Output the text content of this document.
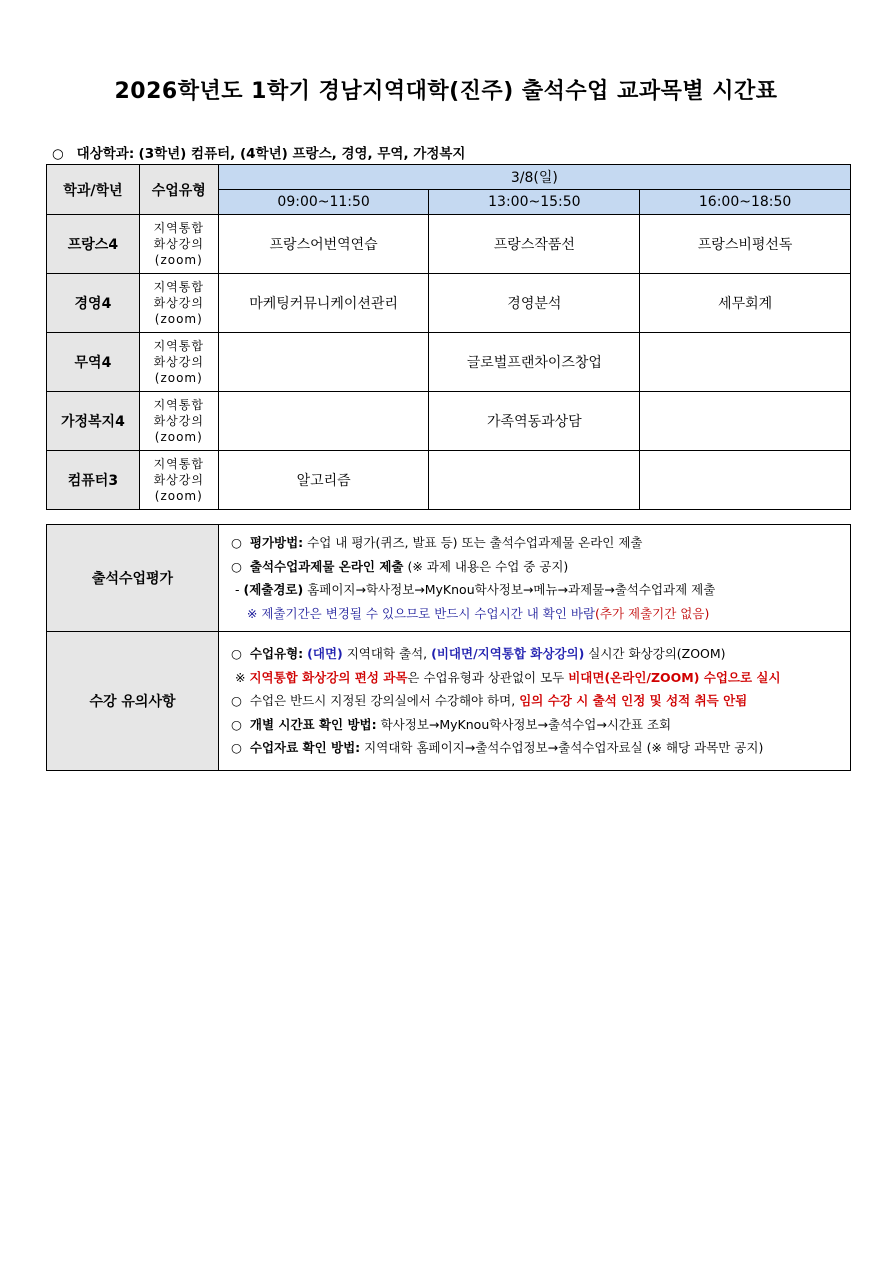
2026학년도 1학기 경남지역대학(진주) 출석수업 교과목별 시간표
○ 대상학과: (3학년) 컴퓨터, (4학년) 프랑스, 경영, 무역, 가정복지
학과/학년	수업유형	3/8(일)		
		09:00~11:50	13:00~15:50	16:00~18:50
프랑스4	지역통합
화상강의
(zoom)	프랑스어번역연습	프랑스작품선	프랑스비평선독
경영4	지역통합
화상강의
(zoom)	마케팅커뮤니케이션관리	경영분석	세무회계
무역4	지역통합
화상강의
(zoom)		글로벌프랜차이즈창업	
가정복지4	지역통합
화상강의
(zoom)		가족역동과상담	
컴퓨터3	지역통합
화상강의
(zoom)	알고리즘		
출석수업평가	○ 평가방법: 수업 내 평가(퀴즈, 발표 등) 또는 출석수업과제물 온라인 제출
○ 출석수업과제물 온라인 제출 (※ 과제 내용은 수업 중 공지)
- (제출경로) 홈페이지→학사정보→MyKnou학사정보→메뉴→과제물→출석수업과제 제출
※ 제출기간은 변경될 수 있으므로 반드시 수업시간 내 확인 바람(추가 제출기간 없음)

수강 유의사항	○ 수업유형: (대면) 지역대학 출석, (비대면/지역통합 화상강의) 실시간 화상강의(ZOOM)
※ 지역통합 화상강의 편성 과목은 수업유형과 상관없이 모두 비대면(온라인/ZOOM) 수업으로 실시
○ 수업은 반드시 지정된 강의실에서 수강해야 하며, 임의 수강 시 출석 인정 및 성적 취득 안됨
○ 개별 시간표 확인 방법: 학사정보→MyKnou학사정보→출석수업→시간표 조회
○ 수업자료 확인 방법: 지역대학 홈페이지→출석수업정보→출석수업자료실 (※ 해당 과목만 공지)
